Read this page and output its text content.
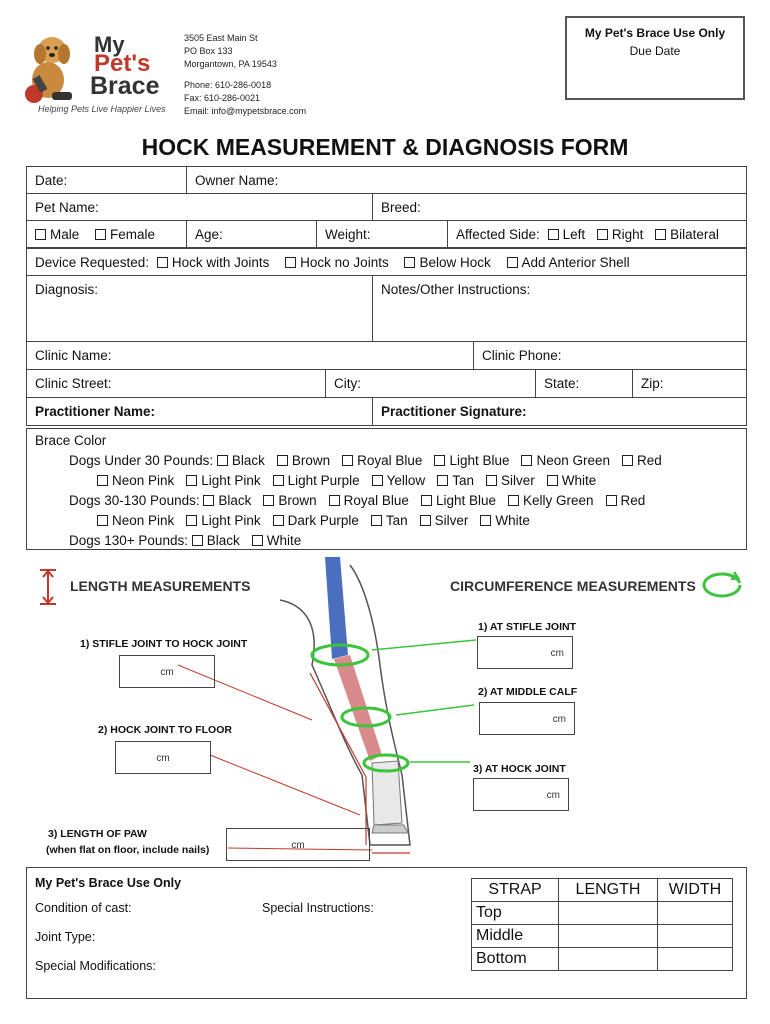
My
Pet's
Brace
Helping Pets Live Happier Lives
3505 East Main St
PO Box 133
Morgantown, PA 19543
Phone: 610-286-0018
Fax: 610-286-0021
Email: info@mypetsbrace.com
My Pet's Brace Use Only
Due Date
HOCK MEASUREMENT & DIAGNOSIS FORM
Date:	Owner Name:
Pet Name:	Breed:
Male Female	Age:	Weight:	Affected Side: Left Right Bilateral
Device Requested: Hock with Joints Hock no Joints Below Hock Add Anterior Shell
Diagnosis:	Notes/Other Instructions:
Clinic Name:	Clinic Phone:
Clinic Street:	City:	State:	Zip:
Practitioner Name:	Practitioner Signature:
Brace Color
Dogs Under 30 Pounds: Black Brown Royal Blue Light Blue Neon Green Red
Neon Pink Light Pink Light Purple Yellow Tan Silver White
Dogs 30-130 Pounds: Black Brown Royal Blue Light Blue Kelly Green Red
Neon Pink Light Pink Dark Purple Tan Silver White
Dogs 130+ Pounds: Black White
LENGTH MEASUREMENTS	CIRCUMFERENCE MEASUREMENTS
1) STIFLE JOINT TO HOCK JOINT
cm
2) HOCK JOINT TO FLOOR
cm
3) LENGTH OF PAW
(when flat on floor, include nails)	cm
1) AT STIFLE JOINT
cm
2) AT MIDDLE CALF
cm
3) AT HOCK JOINT
cm
My Pet's Brace Use Only
Condition of cast:	Special Instructions:
Joint Type:
Special Modifications:
STRAP	LENGTH	WIDTH
Top		
Middle		
Bottom		
